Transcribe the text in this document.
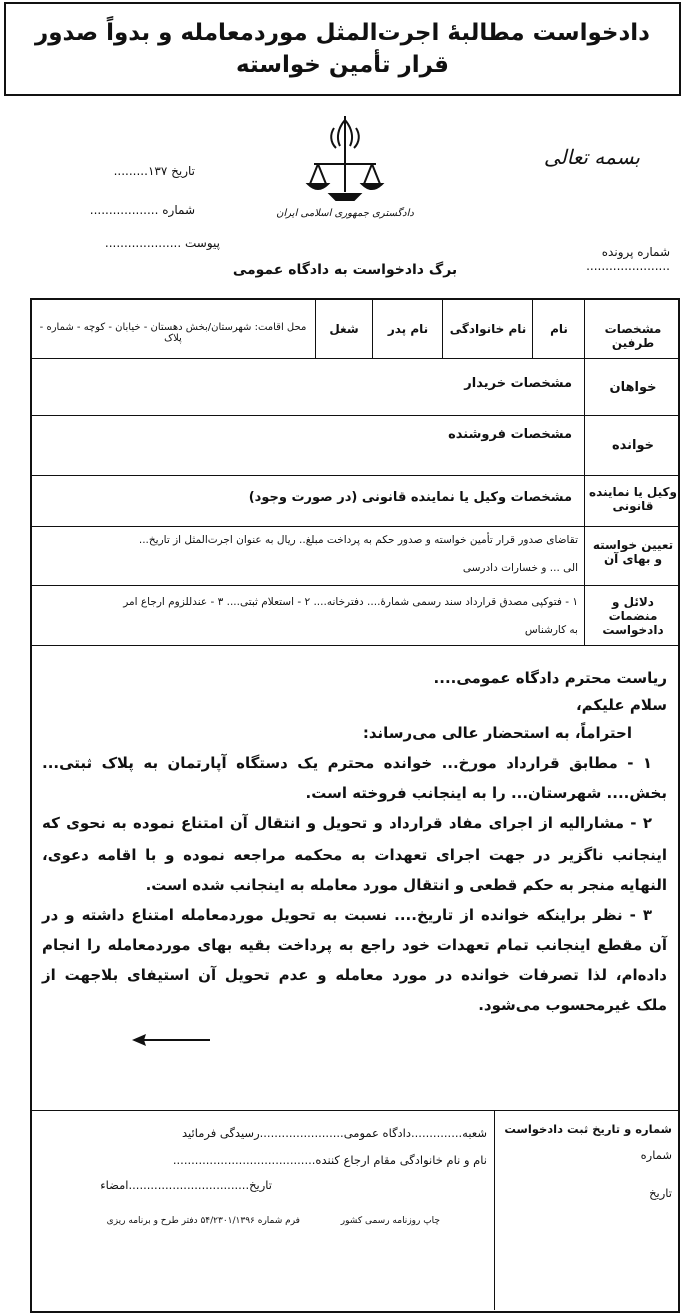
دادخواست مطالبهٔ اجرت‌المثل موردمعامله و بدواً صدور
قرار تأمین خواسته
بسمه تعالی
تاریخ ۱۳۷.........
شماره ..................
پیوست ....................
دادگستری جمهوری اسلامی ایران
شماره پرونده ......................
برگ دادخواست به دادگاه عمومی
مشخصات طرفین
نام
نام خانوادگی
نام پدر
شغل
محل اقامت: شهرستان/بخش دهستان - خیابان - کوچه - شماره - پلاک
خواهان
مشخصات خریدار
خوانده
مشخصات فروشنده
وکیل یا نماینده قانونی
مشخصات وکیل یا نماینده قانونی (در صورت وجود)
تعیین خواسته و بهای آن
تقاضای صدور قرار تأمین خواسته و صدور حکم به پرداخت مبلغ.. ریال به عنوان اجرت‌المثل از تاریخ...
الی ... و خسارات دادرسی
دلائل و منضمات دادخواست
۱ - فتوکپی مصدق قرارداد سند رسمی شمارهٔ.... دفترخانه.... ۲ - استعلام ثبتی.... ۳ - عندللزوم ارجاع امر
به کارشناس
ریاست محترم دادگاه عمومی....
سلام علیکم،
احتراماً، به استحضار عالی می‌رساند:
۱ - مطابق قرارداد مورخ... خوانده محترم یک دستگاه آپارتمان به پلاک ثبتی...
بخش.... شهرستان... را به اینجانب فروخته است.
۲ - مشارالیه از اجرای مفاد قرارداد و تحویل و انتقال آن امتناع نموده به نحوی که
اینجانب ناگزیر در جهت اجرای تعهدات به محکمه مراجعه نموده و با اقامه دعوی،
النهایه منجر به حکم قطعی و انتقال مورد معامله به اینجانب شده است.
۳ - نظر براینکه خوانده از تاریخ.... نسبت به تحویل موردمعامله امتناع داشته و در
آن مقطع اینجانب تمام تعهدات خود راجع به پرداخت بقیه بهای موردمعامله را انجام
داده‌ام، لذا تصرفات خوانده در مورد معامله و عدم تحویل آن استیفای بلاجهت از
ملک غیرمحسوب می‌شود.
شماره و تاریخ ثبت دادخواست
شماره
تاریخ
شعبه..............دادگاه عمومی.......................رسیدگی فرمائید
نام و نام خانوادگی مقام ارجاع کننده.......................................
تاریخ.................................امضاء
چاپ روزنامه رسمی کشور
فرم شماره ۵۴/۲۳۰۱/۱۳۹۶ دفتر طرح و برنامه ریزی
